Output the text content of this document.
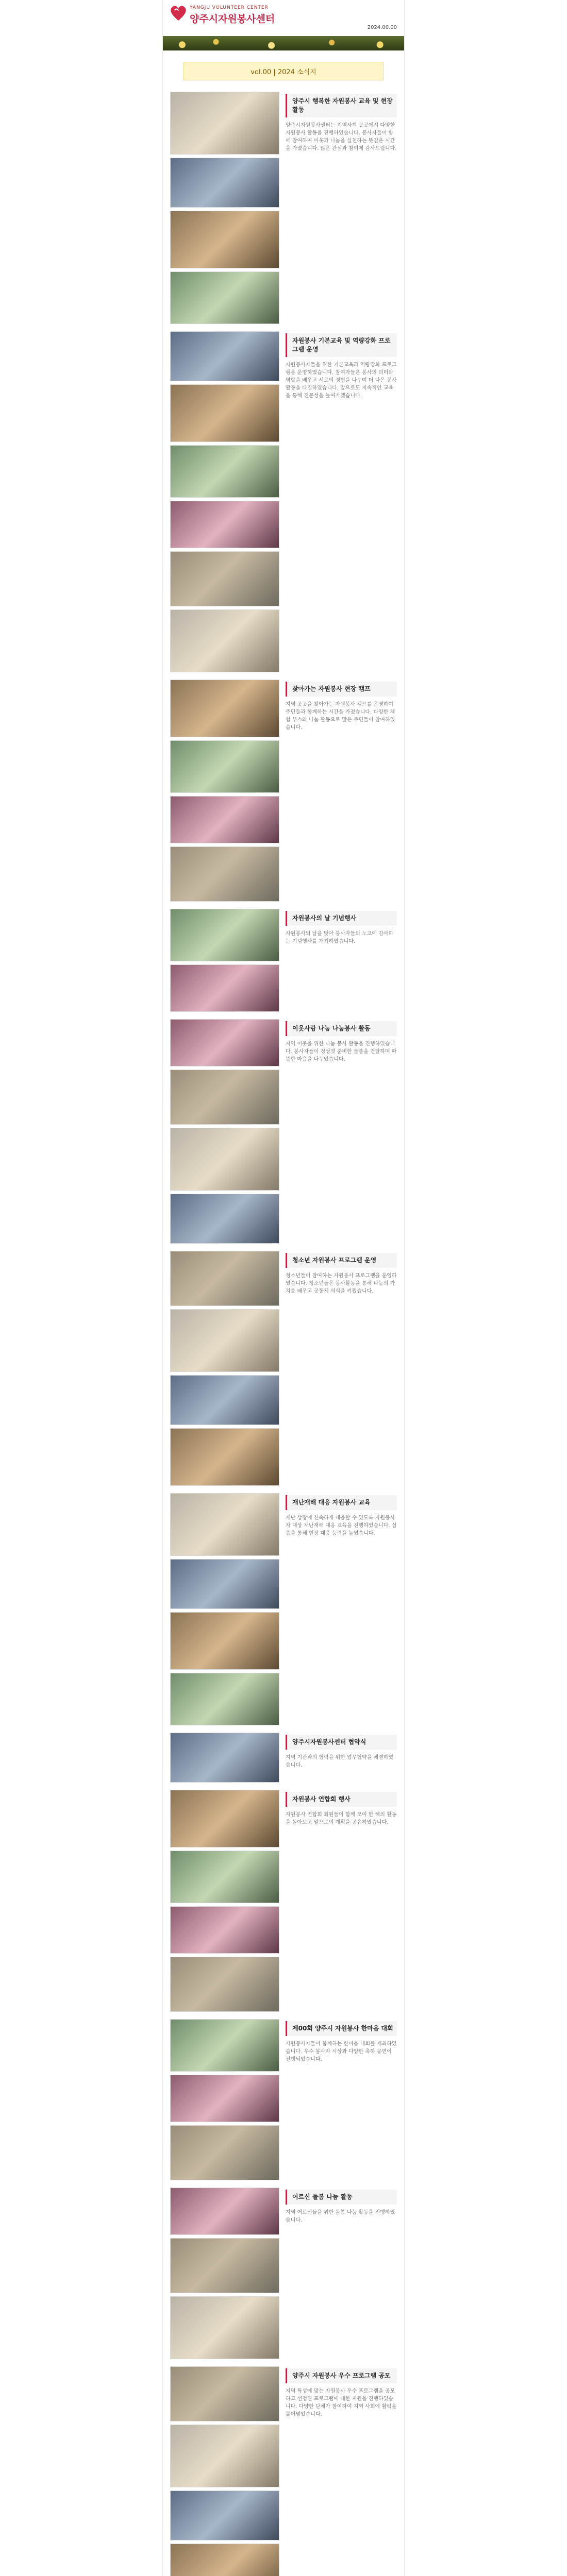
YANGJU VOLUNTEER CENTER
양주시자원봉사센터
2024.00.00
vol.00 | 2024 소식지
양주시 행복한 자원봉사 교육 및 현장활동
양주시자원봉사센터는 지역사회 곳곳에서 다양한 자원봉사 활동을 진행하였습니다. 봉사자들이 함께 참여하여 이웃과 나눔을 실천하는 뜻깊은 시간을 가졌습니다. 많은 관심과 참여에 감사드립니다.
자원봉사 기본교육 및 역량강화 프로그램 운영
자원봉사자들을 위한 기본교육과 역량강화 프로그램을 운영하였습니다. 참여자들은 봉사의 의미와 역할을 배우고 서로의 경험을 나누며 더 나은 봉사활동을 다짐하였습니다. 앞으로도 지속적인 교육을 통해 전문성을 높여가겠습니다.
찾아가는 자원봉사 현장 캠프
지역 곳곳을 찾아가는 자원봉사 캠프를 운영하여 주민들과 함께하는 시간을 가졌습니다. 다양한 체험 부스와 나눔 활동으로 많은 주민들이 참여하였습니다.
자원봉사의 날 기념행사
자원봉사의 날을 맞아 봉사자들의 노고에 감사하는 기념행사를 개최하였습니다.
이웃사랑 나눔 나눔봉사 활동
지역 이웃을 위한 나눔 봉사 활동을 진행하였습니다. 봉사자들이 정성껏 준비한 물품을 전달하며 따뜻한 마음을 나누었습니다.
청소년 자원봉사 프로그램 운영
청소년들이 참여하는 자원봉사 프로그램을 운영하였습니다. 청소년들은 봉사활동을 통해 나눔의 가치를 배우고 공동체 의식을 키웠습니다.
재난재해 대응 자원봉사 교육
재난 상황에 신속하게 대응할 수 있도록 자원봉사자 대상 재난재해 대응 교육을 진행하였습니다. 실습을 통해 현장 대응 능력을 높였습니다.
양주시자원봉사센터 협약식
지역 기관과의 협력을 위한 업무협약을 체결하였습니다.
자원봉사 연합회 행사
자원봉사 연합회 회원들이 함께 모여 한 해의 활동을 돌아보고 앞으로의 계획을 공유하였습니다.
제00회 양주시 자원봉사 한마음 대회
자원봉사자들이 함께하는 한마음 대회를 개최하였습니다. 우수 봉사자 시상과 다양한 축하 공연이 진행되었습니다.
어르신 돌봄 나눔 활동
지역 어르신들을 위한 돌봄 나눔 활동을 진행하였습니다.
양주시 자원봉사 우수 프로그램 공모
지역 특성에 맞는 자원봉사 우수 프로그램을 공모하고 선정된 프로그램에 대한 지원을 진행하였습니다. 다양한 단체가 참여하여 지역 사회에 활력을 불어넣었습니다.
